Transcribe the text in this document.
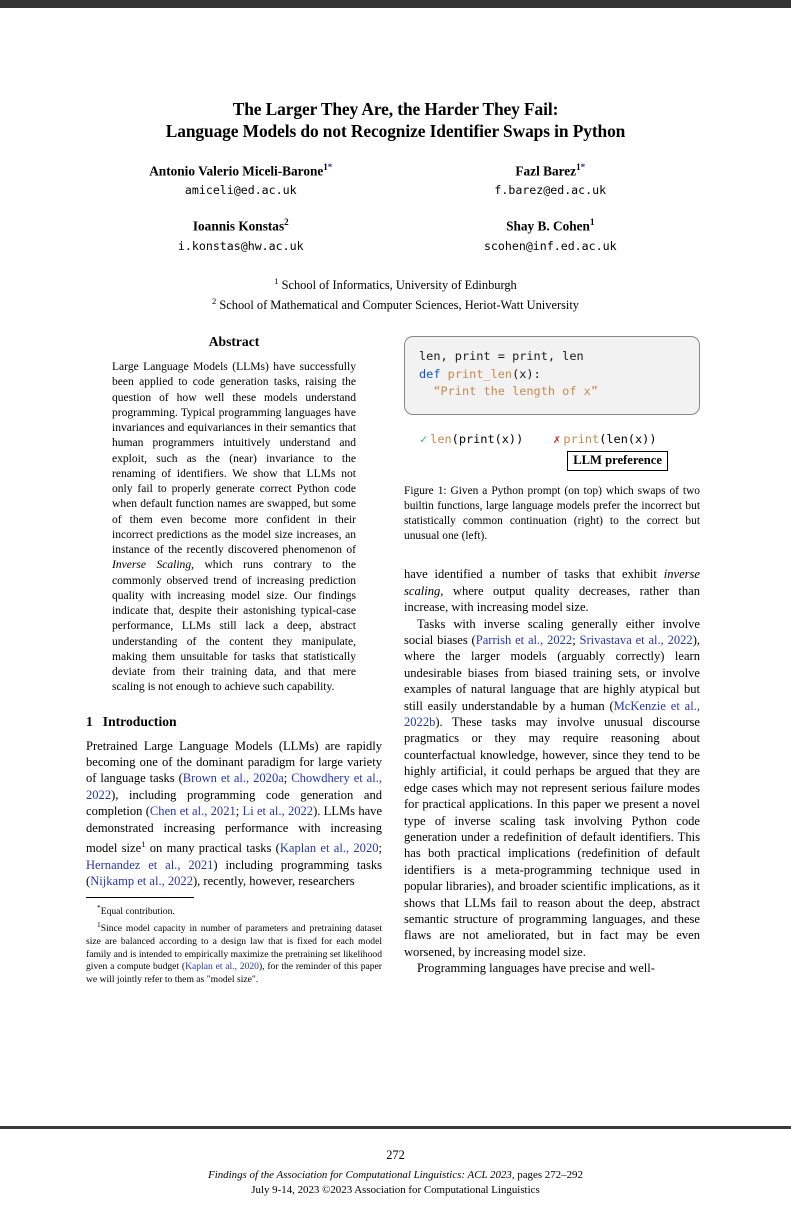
The Larger They Are, the Harder They Fail:
Language Models do not Recognize Identifier Swaps in Python
Antonio Valerio Miceli-Barone$^{1*}$
amiceli@ed.ac.uk
Fazl Barez$^{1*}$
f.barez@ed.ac.uk
Ioannis Konstas$^2$
i.konstas@hw.ac.uk
Shay B. Cohen$^1$
scohen@inf.ed.ac.uk
$^1$ School of Informatics, University of Edinburgh
$^2$ School of Mathematical and Computer Sciences, Heriot-Watt University
Abstract
Large Language Models (LLMs) have successfully been applied to code generation tasks, raising the question of how well these models understand programming. Typical programming languages have invariances and equivariances in their semantics that human programmers intuitively understand and exploit, such as the (near) invariance to the renaming of identifiers. We show that LLMs not only fail to properly generate correct Python code when default function names are swapped, but some of them even become more confident in their incorrect predictions as the model size increases, an instance of the recently discovered phenomenon of Inverse Scaling, which runs contrary to the commonly observed trend of increasing prediction quality with increasing model size. Our findings indicate that, despite their astonishing typical-case performance, LLMs still lack a deep, abstract understanding of the content they manipulate, making them unsuitable for tasks that statistically deviate from their training data, and that mere scaling is not enough to achieve such capability.
1 Introduction

Pretrained Large Language Models (LLMs) are rapidly becoming one of the dominant paradigm for large variety of language tasks (Brown et al., 2020a; Chowdhery et al., 2022), including programming code generation and completion (Chen et al., 2021; Li et al., 2022). LLMs have demonstrated increasing performance with increasing model size$^1$ on many practical tasks (Kaplan et al., 2020; Hernandez et al., 2021) including programming tasks (Nijkamp et al., 2022), recently, however, researchers

*Equal contribution.

$^1$Since model capacity in number of parameters and pretraining dataset size are balanced according to a design law that is fixed for each model family and is intended to empirically maximize the pretraining set likelihood given a compute budget (Kaplan et al., 2020), for the reminder of this paper we will jointly refer to them as "model size".

len, print = print, len
def print_len(x):
“Print the length of x”
✓ len(print(x))	✗ print(len(x))
LLM preference
Figure 1: Given a Python prompt (on top) which swaps of two builtin functions, large language models prefer the incorrect but statistically common continuation (right) to the correct but unusual one (left).

have identified a number of tasks that exhibit inverse scaling, where output quality decreases, rather than increase, with increasing model size.

Tasks with inverse scaling generally either involve social biases (Parrish et al., 2022; Srivastava et al., 2022), where the larger models (arguably correctly) learn undesirable biases from biased training sets, or involve examples of natural language that are highly atypical but still easily understandable by a human (McKenzie et al., 2022b). These tasks may involve unusual discourse pragmatics or they may require reasoning about counterfactual knowledge, however, since they tend to be highly artificial, it could perhaps be argued that they are edge cases which may not represent serious failure modes for practical applications. In this paper we present a novel type of inverse scaling task involving Python code generation under a redefinition of default identifiers. This has both practical implications (redefinition of default identifiers is a meta-programming technique used in popular libraries), and broader scientific implications, as it shows that LLMs fail to reason about the deep, abstract semantic structure of programming languages, and these flaws are not ameliorated, but in fact may be even worsened, by increasing model size.

Programming languages have precise and well-

272
Findings of the Association for Computational Linguistics: ACL 2023, pages 272–292
July 9-14, 2023 ©2023 Association for Computational Linguistics
